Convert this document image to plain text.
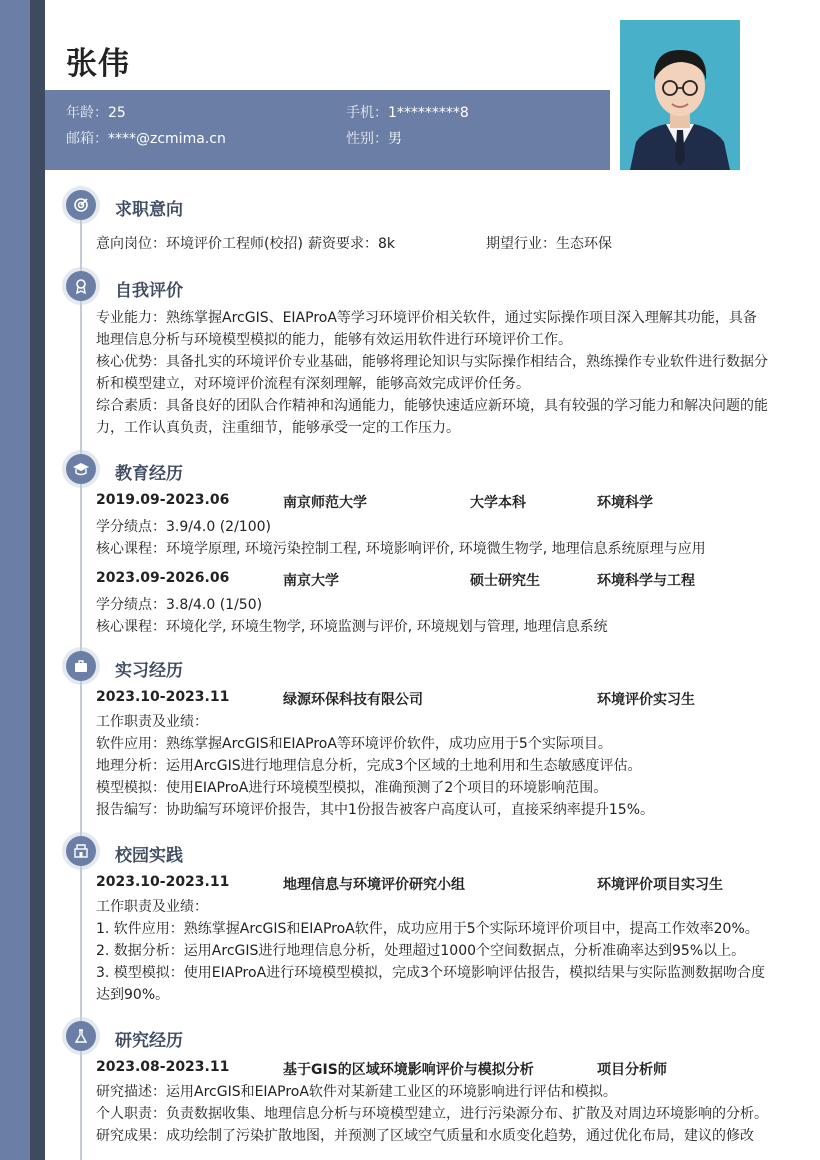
张伟
年龄：25	手机：1*********8
邮箱：****@zcmima.cn	性别：男
求职意向
意向岗位：环境评价工程师(校招) 薪资要求：8k	期望行业：生态环保
自我评价
专业能力：熟练掌握ArcGIS、EIAProA等学习环境评价相关软件，通过实际操作项目深入理解其功能，具备地理信息分析与环境模型模拟的能力，能够有效运用软件进行环境评价工作。
核心优势：具备扎实的环境评价专业基础，能够将理论知识与实际操作相结合，熟练操作专业软件进行数据分析和模型建立，对环境评价流程有深刻理解，能够高效完成评价任务。
综合素质：具备良好的团队合作精神和沟通能力，能够快速适应新环境，具有较强的学习能力和解决问题的能力，工作认真负责，注重细节，能够承受一定的工作压力。
教育经历
2019.09-2023.06	南京师范大学	大学本科	环境科学
学分绩点：3.9/4.0 (2/100)
核心课程：环境学原理, 环境污染控制工程, 环境影响评价, 环境微生物学, 地理信息系统原理与应用
2023.09-2026.06	南京大学	硕士研究生	环境科学与工程
学分绩点：3.8/4.0 (1/50)
核心课程：环境化学, 环境生物学, 环境监测与评价, 环境规划与管理, 地理信息系统
实习经历
2023.10-2023.11	绿源环保科技有限公司	环境评价实习生
工作职责及业绩：
软件应用：熟练掌握ArcGIS和EIAProA等环境评价软件，成功应用于5个实际项目。
地理分析：运用ArcGIS进行地理信息分析，完成3个区域的土地利用和生态敏感度评估。
模型模拟：使用EIAProA进行环境模型模拟，准确预测了2个项目的环境影响范围。
报告编写：协助编写环境评价报告，其中1份报告被客户高度认可，直接采纳率提升15%。
校园实践
2023.10-2023.11	地理信息与环境评价研究小组	环境评价项目实习生
工作职责及业绩：
1. 软件应用：熟练掌握ArcGIS和EIAProA软件，成功应用于5个实际环境评价项目中，提高工作效率20%。
2. 数据分析：运用ArcGIS进行地理信息分析，处理超过1000个空间数据点，分析准确率达到95%以上。
3. 模型模拟：使用EIAProA进行环境模型模拟，完成3个环境影响评估报告，模拟结果与实际监测数据吻合度达到90%。
研究经历
2023.08-2023.11	基于GIS的区域环境影响评价与模拟分析	项目分析师
研究描述：运用ArcGIS和EIAProA软件对某新建工业区的环境影响进行评估和模拟。
个人职责：负责数据收集、地理信息分析与环境模型建立，进行污染源分布、扩散及对周边环境影响的分析。
研究成果：成功绘制了污染扩散地图，并预测了区域空气质量和水质变化趋势，通过优化布局，建议的修改
